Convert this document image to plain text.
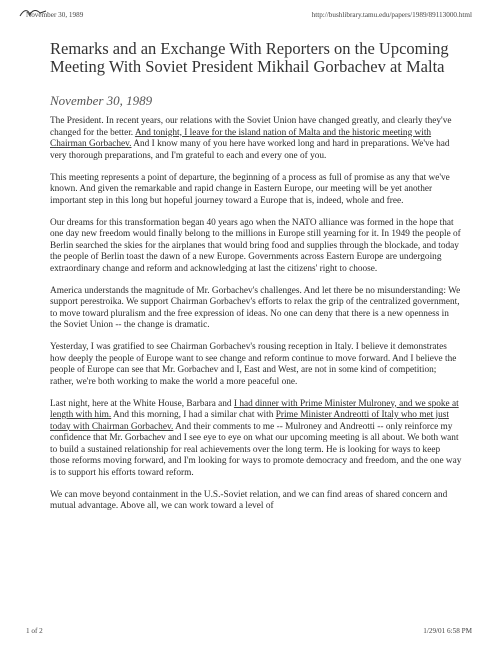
November 30, 1989	http://bushlibrary.tamu.edu/papers/1989/89113000.html
Remarks and an Exchange With Reporters on the Upcoming Meeting With Soviet President Mikhail Gorbachev at Malta
November 30, 1989

The President. In recent years, our relations with the Soviet Union have changed greatly, and clearly they've changed for the better. And tonight, I leave for the island nation of Malta and the historic meeting with Chairman Gorbachev. And I know many of you here have worked long and hard in preparations. We've had very thorough preparations, and I'm grateful to each and every one of you.

This meeting represents a point of departure, the beginning of a process as full of promise as any that we've known. And given the remarkable and rapid change in Eastern Europe, our meeting will be yet another important step in this long but hopeful journey toward a Europe that is, indeed, whole and free.

Our dreams for this transformation began 40 years ago when the NATO alliance was formed in the hope that one day new freedom would finally belong to the millions in Europe still yearning for it. In 1949 the people of Berlin searched the skies for the airplanes that would bring food and supplies through the blockade, and today the people of Berlin toast the dawn of a new Europe. Governments across Eastern Europe are undergoing extraordinary change and reform and acknowledging at last the citizens' right to choose.

America understands the magnitude of Mr. Gorbachev's challenges. And let there be no misunderstanding: We support perestroika. We support Chairman Gorbachev's efforts to relax the grip of the centralized government, to move toward pluralism and the free expression of ideas. No one can deny that there is a new openness in the Soviet Union -- the change is dramatic.

Yesterday, I was gratified to see Chairman Gorbachev's rousing reception in Italy. I believe it demonstrates how deeply the people of Europe want to see change and reform continue to move forward. And I believe the people of Europe can see that Mr. Gorbachev and I, East and West, are not in some kind of competition; rather, we're both working to make the world a more peaceful one.

Last night, here at the White House, Barbara and I had dinner with Prime Minister Mulroney, and we spoke at length with him. And this morning, I had a similar chat with Prime Minister Andreotti of Italy who met just today with Chairman Gorbachev. And their comments to me -- Mulroney and Andreotti -- only reinforce my confidence that Mr. Gorbachev and I see eye to eye on what our upcoming meeting is all about. We both want to build a sustained relationship for real achievements over the long term. He is looking for ways to keep those reforms moving forward, and I'm looking for ways to promote democracy and freedom, and the one way is to support his efforts toward reform.

We can move beyond containment in the U.S.-Soviet relation, and we can find areas of shared concern and mutual advantage. Above all, we can work toward a level of

1 of 2	1/29/01 6:58 PM
